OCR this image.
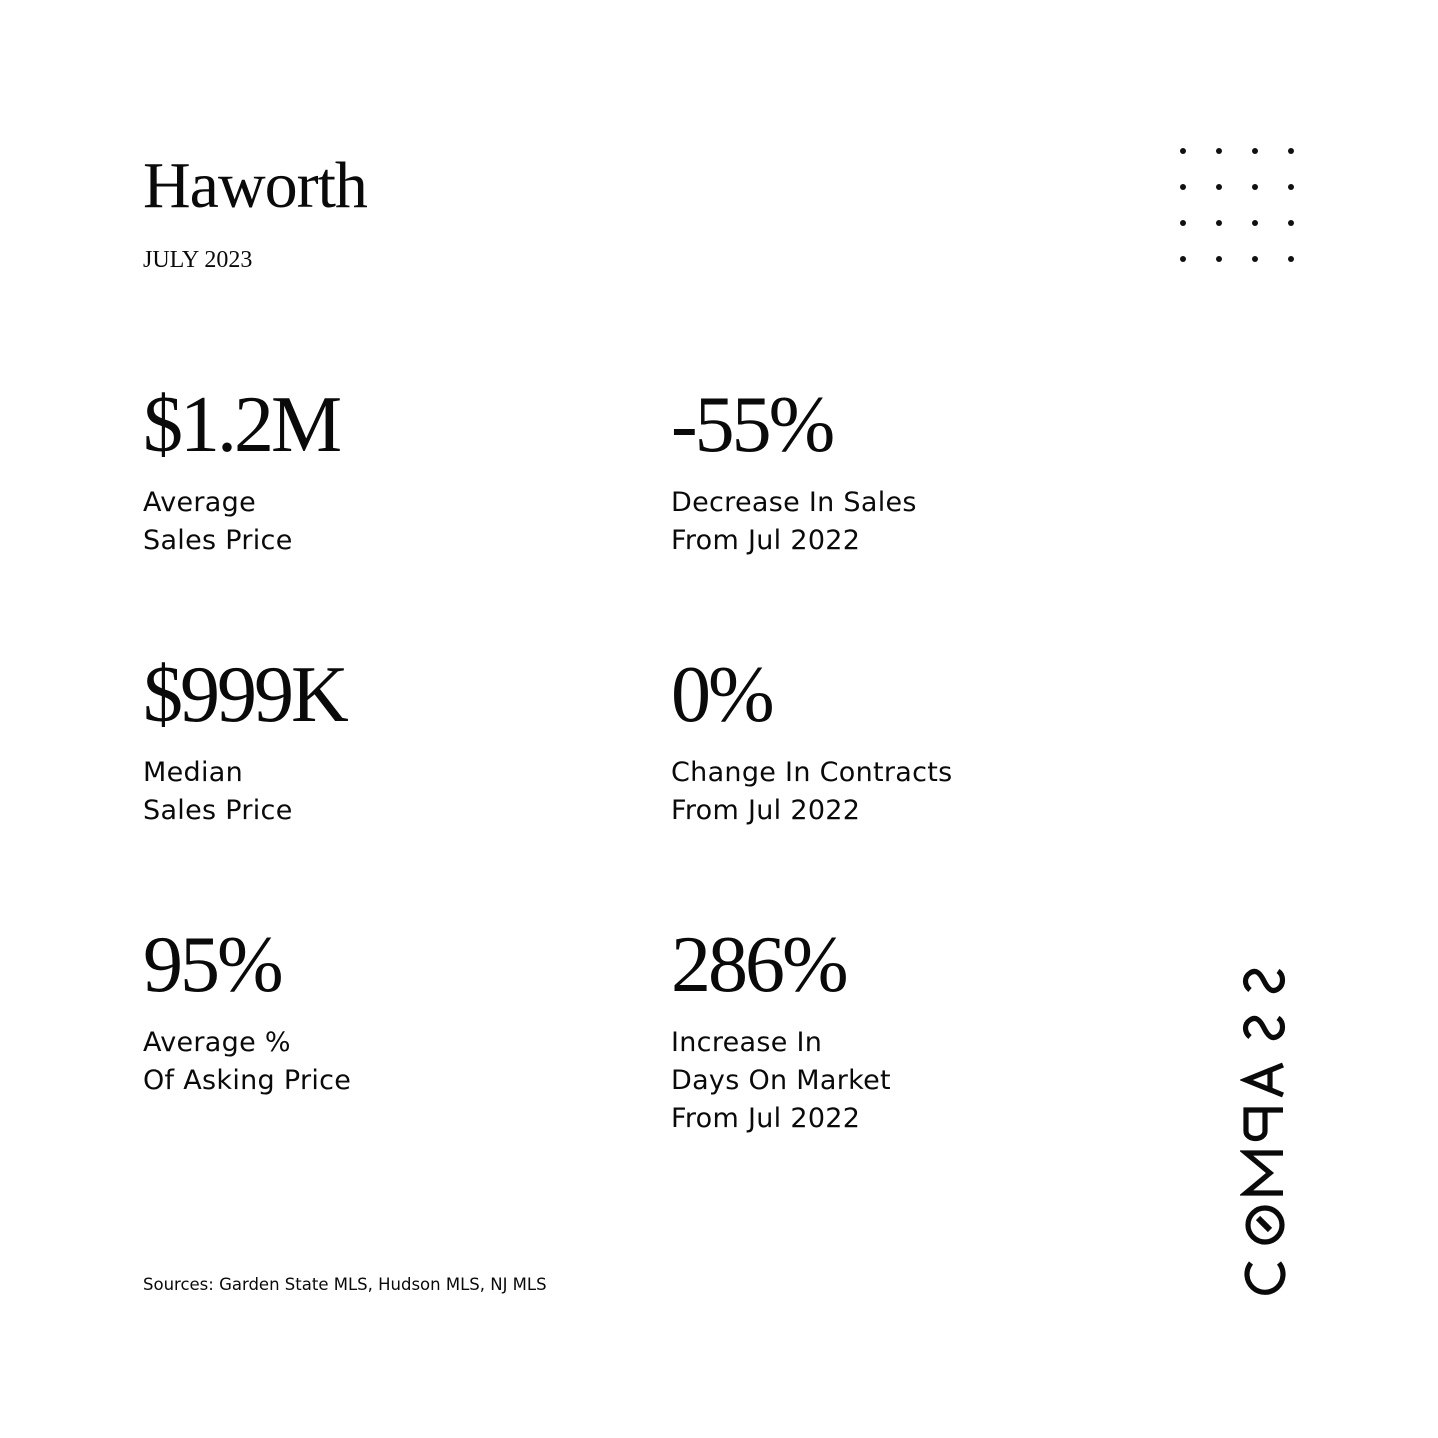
Haworth
JULY 2023
$1.2M
Average
Sales Price
-55%
Decrease In Sales
From Jul 2022
$999K
Median
Sales Price
0%
Change In Contracts
From Jul 2022
95%
Average %
Of Asking Price
286%
Increase In
Days On Market
From Jul 2022
Sources: Garden State MLS, Hudson MLS, NJ MLS
